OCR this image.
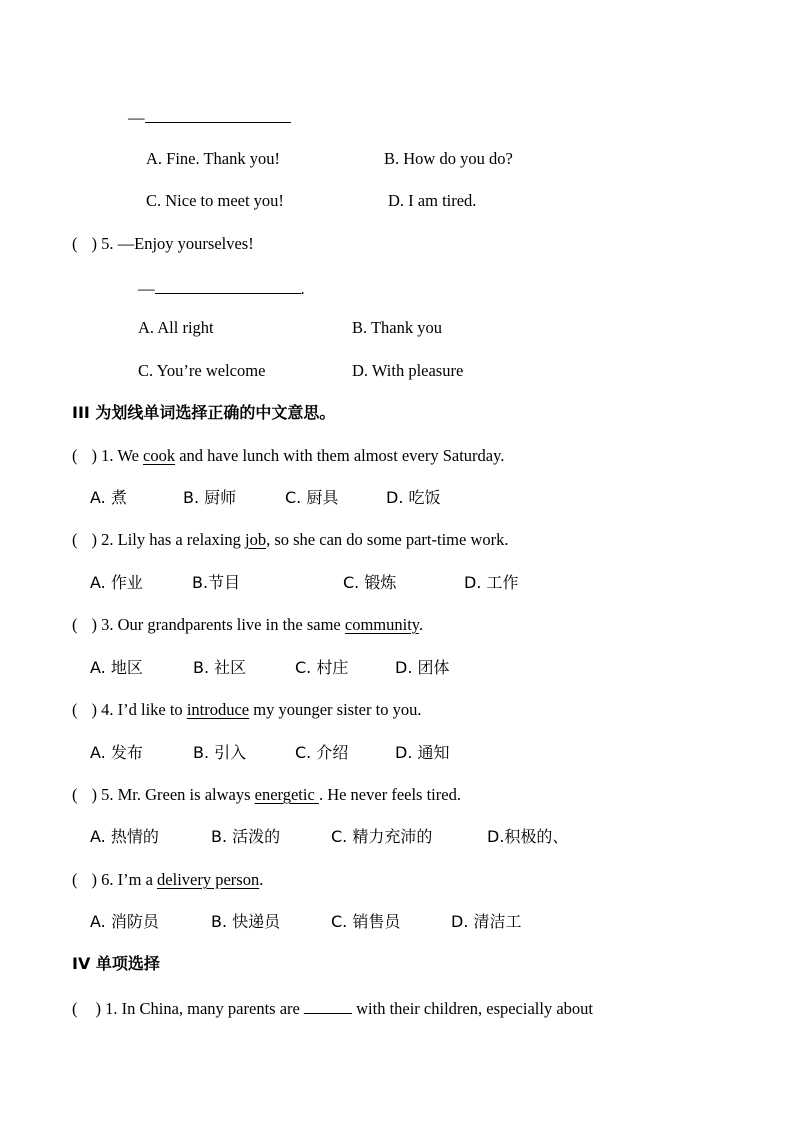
—
A. Fine. Thank you!	B. How do you do?
C. Nice to meet you!	D. I am tired.
( ) 5. —Enjoy yourselves!
—	.
A. All right	B. Thank you
C. You’re welcome	D. With pleasure
III 为划线单词选择正确的中文意思。
( ) 1. We cook and have lunch with them almost every Saturday.
A. 煮	B. 厨师	C. 厨具	D. 吃饭
( ) 2. Lily has a relaxing job, so she can do some part-time work.
A. 作业	B.节目	C. 锻炼	D. 工作
( ) 3. Our grandparents live in the same community.
A. 地区	B. 社区	C. 村庄	D. 团体
( ) 4. I’d like to introduce my younger sister to you.
A. 发布	B. 引入	C. 介绍	D. 通知
( ) 5. Mr. Green is always energetic . He never feels tired.
A. 热情的	B. 活泼的	C. 精力充沛的	D.积极的、
( ) 6. I’m a delivery person.
A. 消防员	B. 快递员	C. 销售员	D. 清洁工
IV 单项选择
( ) 1. In China, many parents are	with their children, especially about
